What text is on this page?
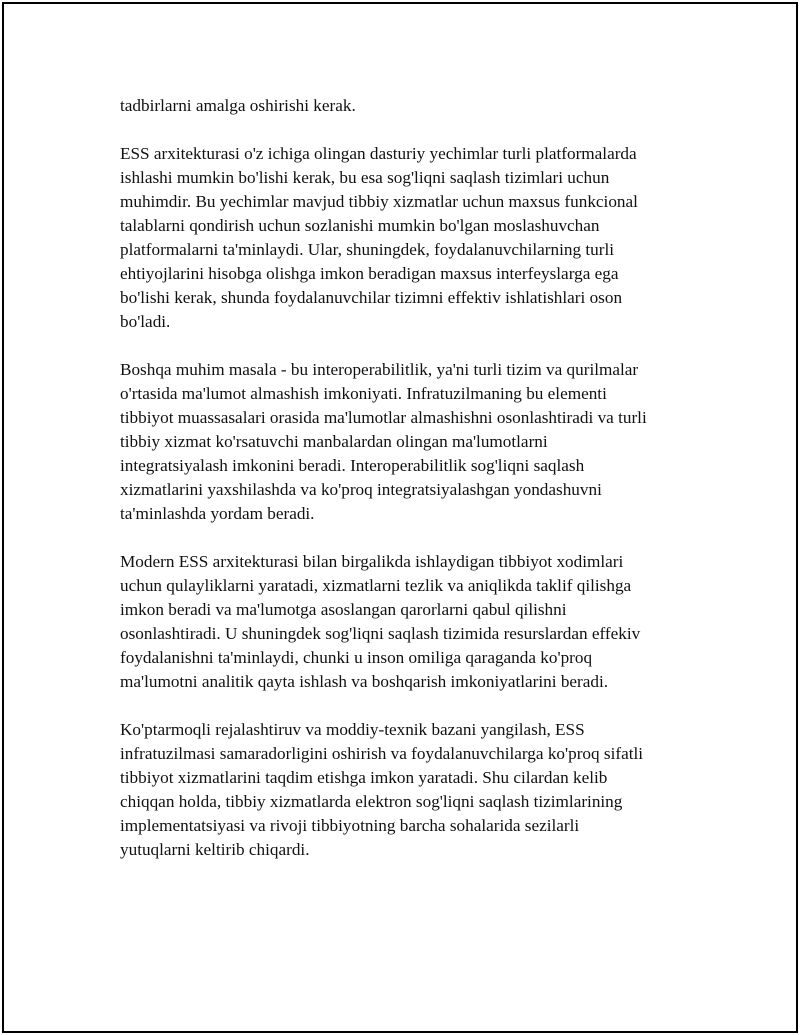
tadbirlarni amalga oshirishi kerak.

ESS arxitekturasi o'z ichiga olingan dasturiy yechimlar turli platformalarda
ishlashi mumkin bo'lishi kerak, bu esa sog'liqni saqlash tizimlari uchun
muhimdir. Bu yechimlar mavjud tibbiy xizmatlar uchun maxsus funkcional
talablarni qondirish uchun sozlanishi mumkin bo'lgan moslashuvchan
platformalarni ta'minlaydi. Ular, shuningdek, foydalanuvchilarning turli
ehtiyojlarini hisobga olishga imkon beradigan maxsus interfeyslarga ega
bo'lishi kerak, shunda foydalanuvchilar tizimni effektiv ishlatishlari oson
bo'ladi.

Boshqa muhim masala - bu interoperabilitlik, ya'ni turli tizim va qurilmalar
o'rtasida ma'lumot almashish imkoniyati. Infratuzilmaning bu elementi
tibbiyot muassasalari orasida ma'lumotlar almashishni osonlashtiradi va turli
tibbiy xizmat ko'rsatuvchi manbalardan olingan ma'lumotlarni
integratsiyalash imkonini beradi. Interoperabilitlik sog'liqni saqlash
xizmatlarini yaxshilashda va ko'proq integratsiyalashgan yondashuvni
ta'minlashda yordam beradi.

Modern ESS arxitekturasi bilan birgalikda ishlaydigan tibbiyot xodimlari
uchun qulayliklarni yaratadi, xizmatlarni tezlik va aniqlikda taklif qilishga
imkon beradi va ma'lumotga asoslangan qarorlarni qabul qilishni
osonlashtiradi. U shuningdek sog'liqni saqlash tizimida resurslardan effekiv
foydalanishni ta'minlaydi, chunki u inson omiliga qaraganda ko'proq
ma'lumotni analitik qayta ishlash va boshqarish imkoniyatlarini beradi.

Ko'ptarmoqli rejalashtiruv va moddiy-texnik bazani yangilash, ESS
infratuzilmasi samaradorligini oshirish va foydalanuvchilarga ko'proq sifatli
tibbiyot xizmatlarini taqdim etishga imkon yaratadi. Shu cilardan kelib
chiqqan holda, tibbiy xizmatlarda elektron sog'liqni saqlash tizimlarining
implementatsiyasi va rivoji tibbiyotning barcha sohalarida sezilarli
yutuqlarni keltirib chiqardi.
